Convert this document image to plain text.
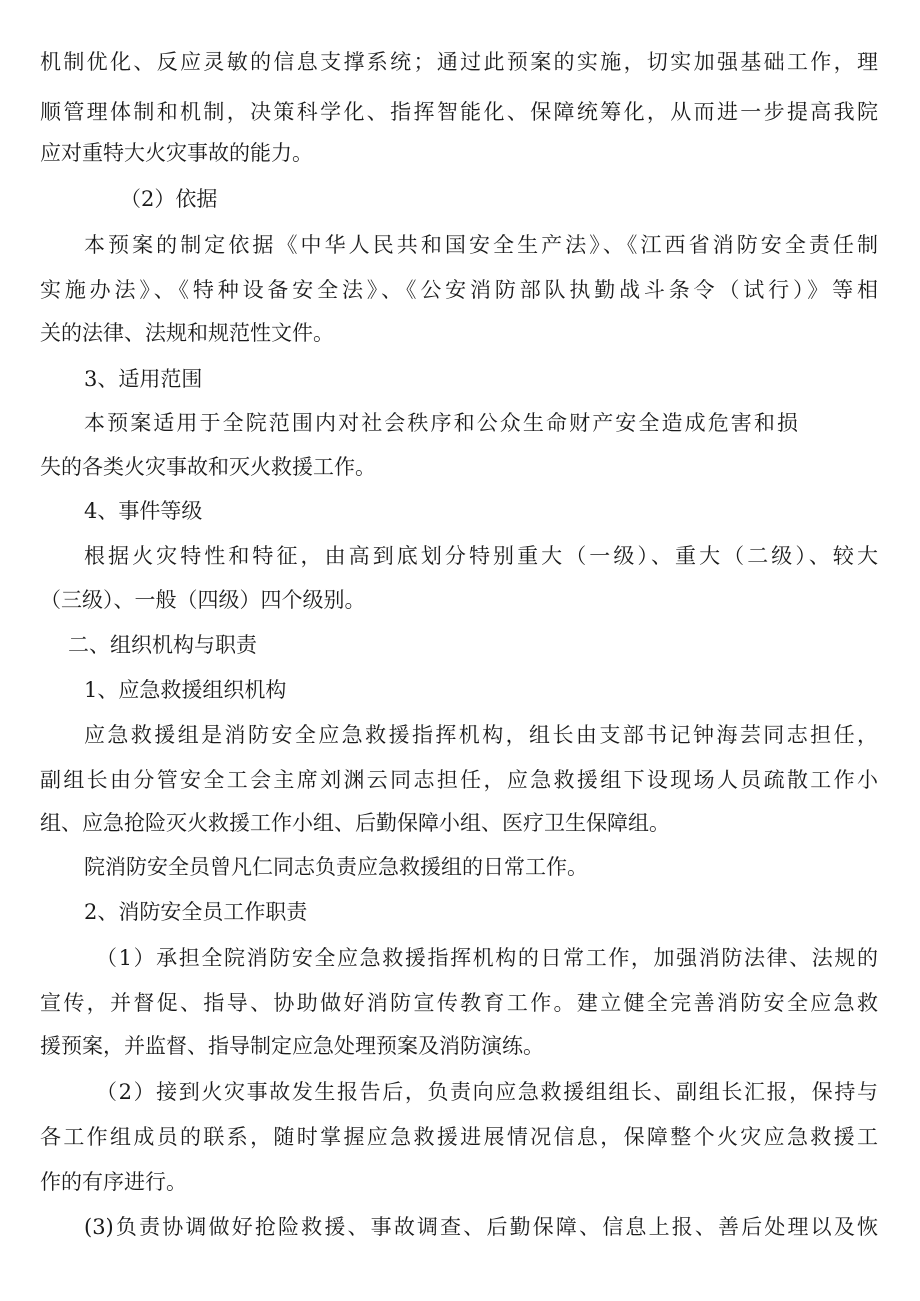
机制优化、反应灵敏的信息支撑系统；通过此预案的实施，切实加强基础工作，理
顺管理体制和机制，决策科学化、指挥智能化、保障统筹化，从而进一步提高我院
应对重特大火灾事故的能力。
（2）依据
本预案的制定依据《中华人民共和国安全生产法》、《江西省消防安全责任制
实施办法》、《特种设备安全法》、《公安消防部队执勤战斗条令（试行）》等相
关的法律、法规和规范性文件。
3、适用范围
本预案适用于全院范围内对社会秩序和公众生命财产安全造成危害和损
失的各类火灾事故和灭火救援工作。
4、事件等级
根据火灾特性和特征，由高到底划分特别重大（一级）、重大（二级）、较大
（三级）、一般（四级）四个级别。
二、组织机构与职责
1、应急救援组织机构
应急救援组是消防安全应急救援指挥机构，组长由支部书记钟海芸同志担任，
副组长由分管安全工会主席刘渊云同志担任，应急救援组下设现场人员疏散工作小
组、应急抢险灭火救援工作小组、后勤保障小组、医疗卫生保障组。
院消防安全员曾凡仁同志负责应急救援组的日常工作。
2、消防安全员工作职责
（1）承担全院消防安全应急救援指挥机构的日常工作，加强消防法律、法规的
宣传，并督促、指导、协助做好消防宣传教育工作。建立健全完善消防安全应急救
援预案，并监督、指导制定应急处理预案及消防演练。
（2）接到火灾事故发生报告后，负责向应急救援组组长、副组长汇报，保持与
各工作组成员的联系，随时掌握应急救援进展情况信息，保障整个火灾应急救援工
作的有序进行。
(3)负责协调做好抢险救援、事故调查、后勤保障、信息上报、善后处理以及恢
